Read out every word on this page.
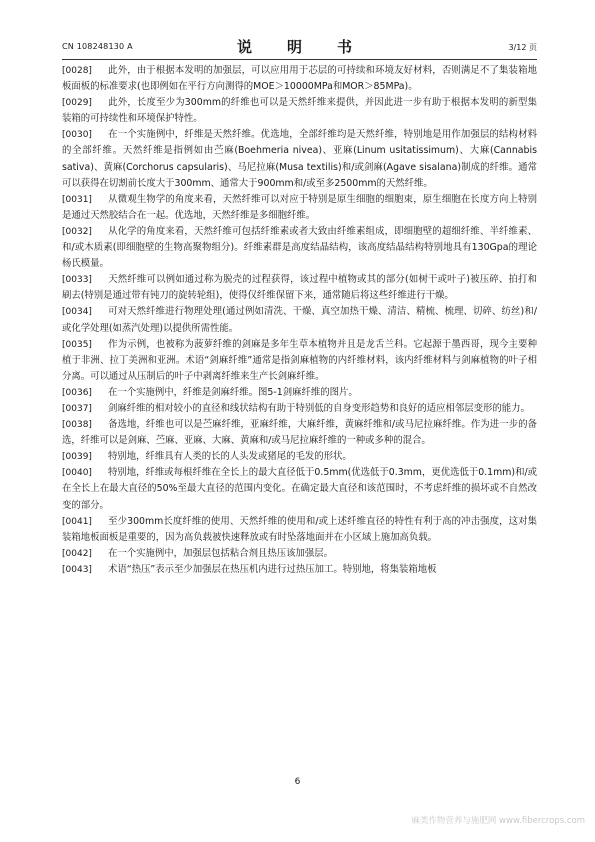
CN 108248130 A	说　明　书	3/12 页

[0028] 此外，由于根据本发明的加强层，可以应用用于芯层的可持续和环境友好材料，否则满足不了集装箱地板面板的标准要求(也即例如在平行方向测得的MOE＞10000MPa和MOR＞85MPa)。

[0029] 此外，长度至少为300mm的纤维也可以是天然纤维来提供，并因此进一步有助于根据本发明的新型集装箱的可持续性和环境保护特性。

[0030] 在一个实施例中，纤维是天然纤维。优选地，全部纤维均是天然纤维，特别地是用作加强层的结构材料的全部纤维。天然纤维是指例如由苎麻(Boehmeria nivea)、亚麻(Linum usitatissimum)、大麻(Cannabis sativa)、黄麻(Corchorus capsularis)、马尼拉麻(Musa textilis)和/或剑麻(Agave sisalana)制成的纤维。通常可以获得在切割前长度大于300mm、通常大于900mm和/或至多2500mm的天然纤维。

[0031] 从微观生物学的角度来看，天然纤维可以对应于特别是原生细胞的细胞束，原生细胞在长度方向上特别是通过天然胶结合在一起。优选地，天然纤维是多细胞纤维。

[0032] 从化学的角度来看，天然纤维可包括纤维素或者大致由纤维素组成，即细胞壁的超细纤维、半纤维素、和/或木质素(即细胞壁的生物高聚物组分)。纤维素群是高度结晶结构，该高度结晶结构特别地具有130Gpa的理论杨氏模量。

[0033] 天然纤维可以例如通过称为脱壳的过程获得，该过程中植物或其的部分(如树干或叶子)被压碎、拍打和刷去(特别是通过带有钝刀的旋转轮组)，使得仅纤维保留下来，通常随后将这些纤维进行干燥。

[0034] 可对天然纤维进行物理处理(通过例如清洗、干燥、真空加热干燥、清洁、精梳、梳理、切碎、纺丝)和/或化学处理(如蒸汽处理)以提供所需性能。

[0035] 作为示例，也被称为菠萝纤维的剑麻是多年生草本植物并且是龙舌兰科。它起源于墨西哥，现今主要种植于非洲、拉丁美洲和亚洲。术语“剑麻纤维”通常是指剑麻植物的内纤维材料，该内纤维材料与剑麻植物的叶子相分离。可以通过从压制后的叶子中剥离纤维来生产长剑麻纤维。

[0036] 在一个实施例中，纤维是剑麻纤维。图5-1剑麻纤维的图片。

[0037] 剑麻纤维的相对较小的直径和线状结构有助于特别低的自身变形趋势和良好的适应相邻层变形的能力。

[0038] 备选地，纤维也可以是苎麻纤维，亚麻纤维，大麻纤维，黄麻纤维和/或马尼拉麻纤维。作为进一步的备选，纤维可以是剑麻、苎麻、亚麻、大麻、黄麻和/或马尼拉麻纤维的一种或多种的混合。

[0039] 特别地，纤维具有人类的长的人头发或猪尾的毛发的形状。

[0040] 特别地，纤维或每根纤维在全长上的最大直径低于0.5mm(优选低于0.3mm，更优选低于0.1mm)和/或在全长上在最大直径的50%至最大直径的范围内变化。在确定最大直径和该范围时，不考虑纤维的损坏或不自然改变的部分。

[0041] 至少300mm长度纤维的使用、天然纤维的使用和/或上述纤维直径的特性有利于高的冲击强度，这对集装箱地板面板是重要的，因为高负载被快速释放或有时坠落地面并在小区域上施加高负载。

[0042] 在一个实施例中，加强层包括粘合剂且热压该加强层。

[0043] 术语“热压”表示至少加强层在热压机内进行过热压加工。特别地，将集装箱地板

6
麻类作物营养与施肥网 www.fibercrops.com
